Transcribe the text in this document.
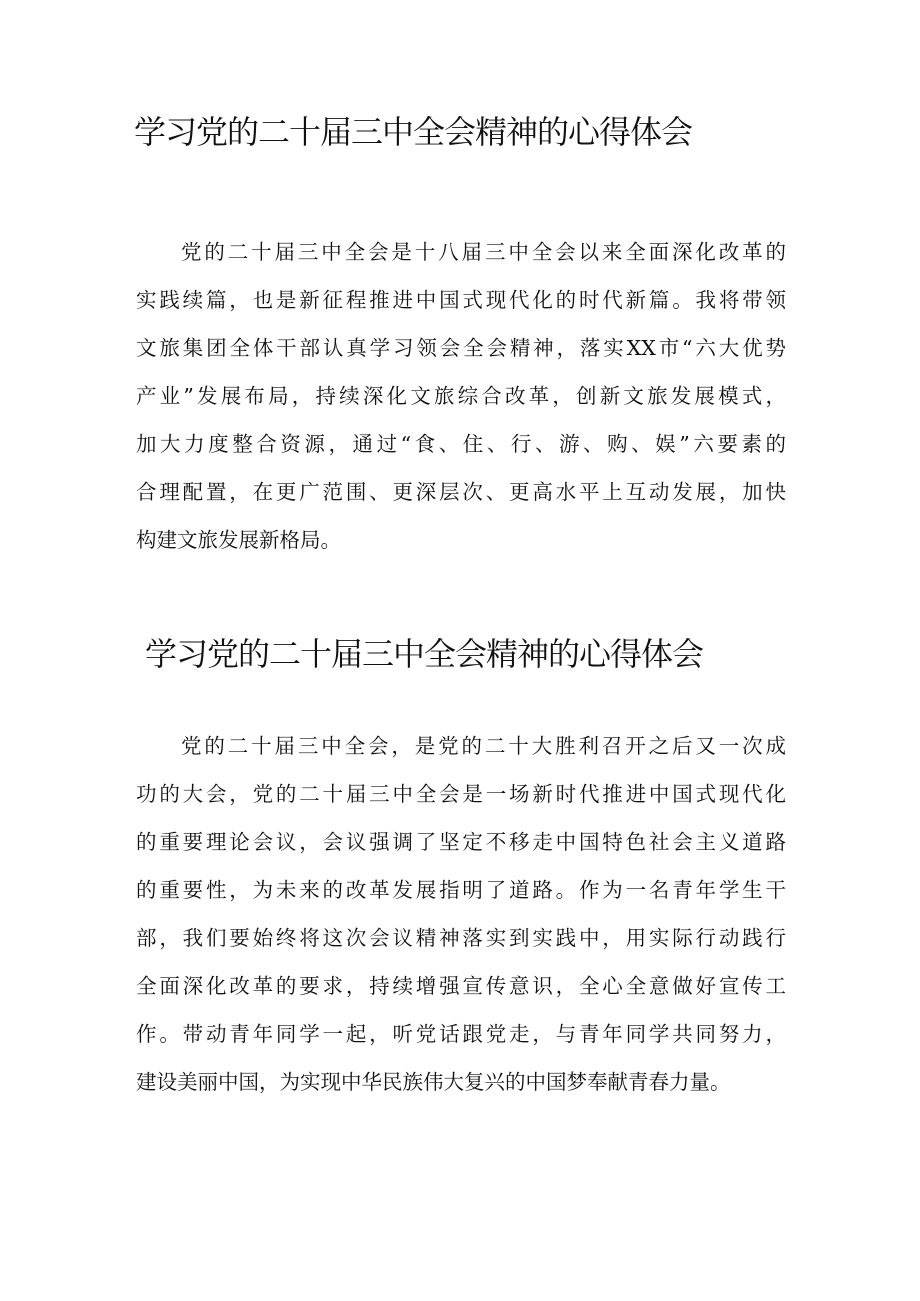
学习党的二十届三中全会精神的心得体会
党的二十届三中全会是十八届三中全会以来全面深化改革的
实践续篇，也是新征程推进中国式现代化的时代新篇。我将带领
文旅集团全体干部认真学习领会全会精神，落实XX市“六大优势
产业”发展布局，持续深化文旅综合改革，创新文旅发展模式，
加大力度整合资源，通过“食、住、行、游、购、娱”六要素的
合理配置，在更广范围、更深层次、更高水平上互动发展，加快
构建文旅发展新格局。
学习党的二十届三中全会精神的心得体会
党的二十届三中全会，是党的二十大胜利召开之后又一次成
功的大会，党的二十届三中全会是一场新时代推进中国式现代化
的重要理论会议，会议强调了坚定不移走中国特色社会主义道路
的重要性，为未来的改革发展指明了道路。作为一名青年学生干
部，我们要始终将这次会议精神落实到实践中，用实际行动践行
全面深化改革的要求，持续增强宣传意识，全心全意做好宣传工
作。带动青年同学一起，听党话跟党走，与青年同学共同努力，
建设美丽中国，为实现中华民族伟大复兴的中国梦奉献青春力量。
